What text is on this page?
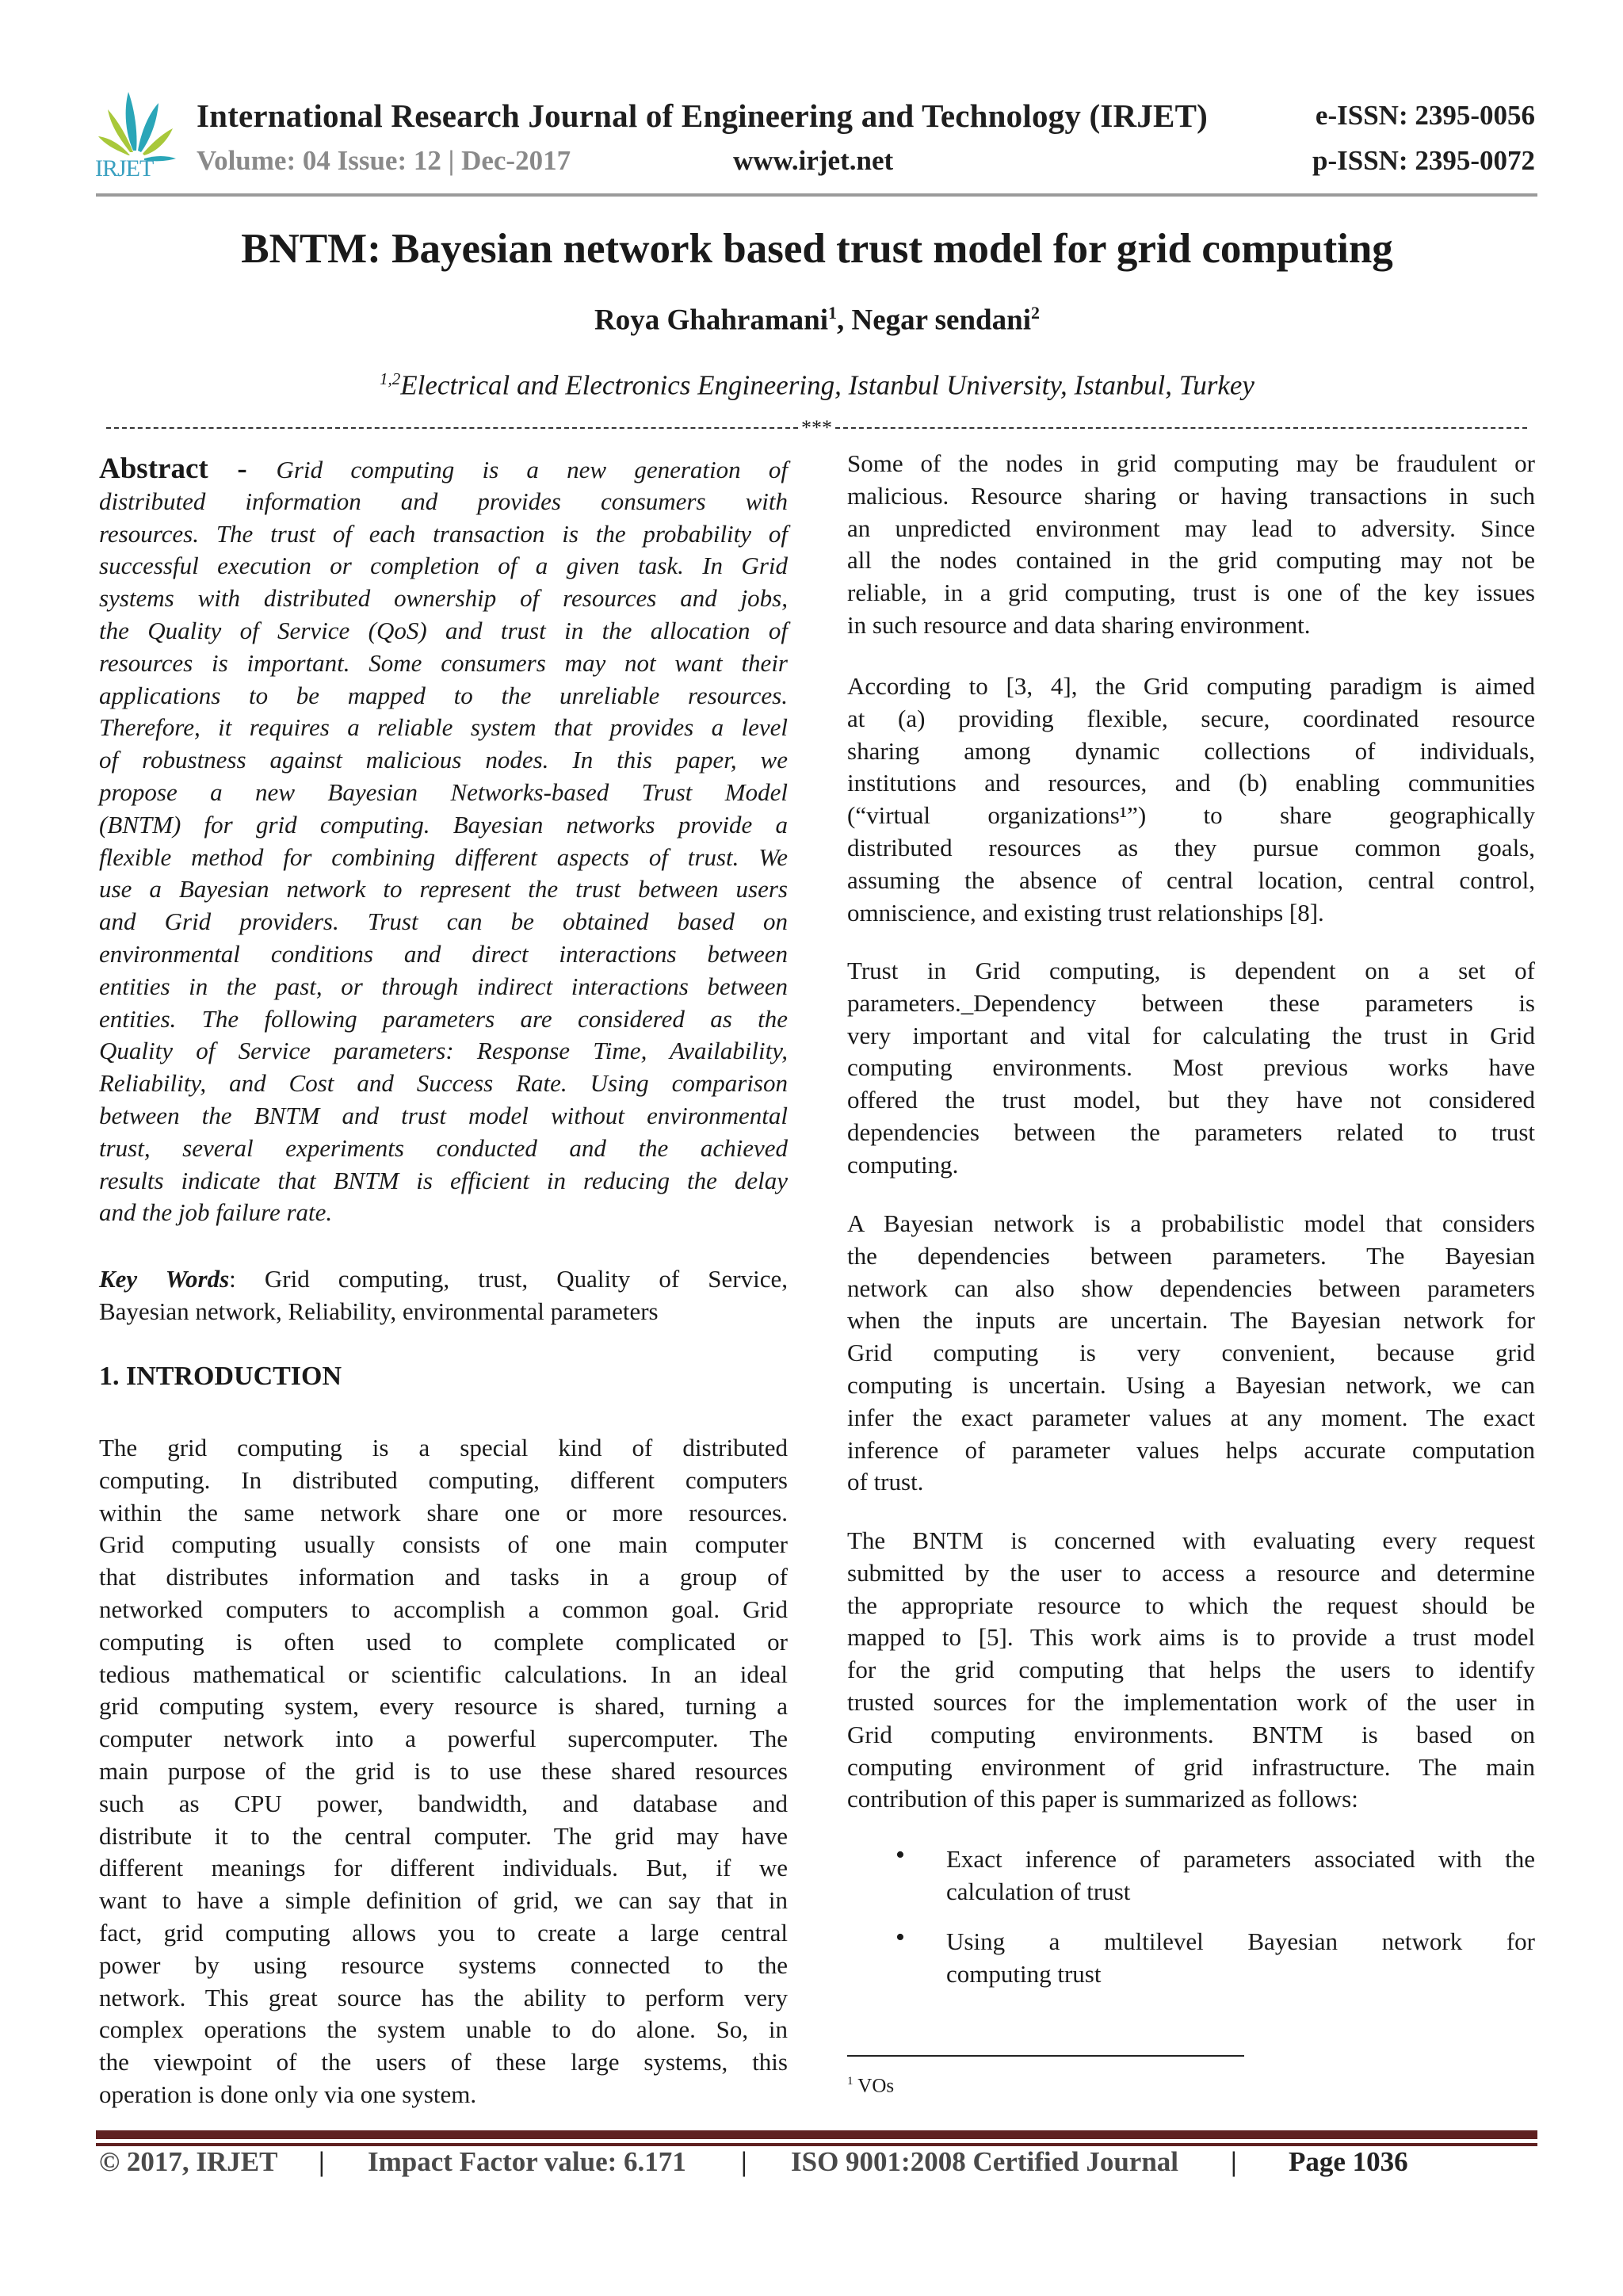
IRJET
International Research Journal of Engineering and Technology (IRJET)	e-ISSN: 2395-0056
Volume: 04 Issue: 12 | Dec-2017	www.irjet.net	p-ISSN: 2395-0072
BNTM: Bayesian network based trust model for grid computing
Roya Ghahramani$^1$, Negar sendani$^2$
$^{1,2}$Electrical and Electronics Engineering, Istanbul University, Istanbul, Turkey
***
Abstract - Grid computing is a new generation of
distributed information and provides consumers with
resources. The trust of each transaction is the probability of
successful execution or completion of a given task. In Grid
systems with distributed ownership of resources and jobs,
the Quality of Service (QoS) and trust in the allocation of
resources is important. Some consumers may not want their
applications to be mapped to the unreliable resources.
Therefore, it requires a reliable system that provides a level
of robustness against malicious nodes. In this paper, we
propose a new Bayesian Networks-based Trust Model
(BNTM) for grid computing. Bayesian networks provide a
flexible method for combining different aspects of trust. We
use a Bayesian network to represent the trust between users
and Grid providers. Trust can be obtained based on
environmental conditions and direct interactions between
entities in the past, or through indirect interactions between
entities. The following parameters are considered as the
Quality of Service parameters: Response Time, Availability,
Reliability, and Cost and Success Rate. Using comparison
between the BNTM and trust model without environmental
trust, several experiments conducted and the achieved
results indicate that BNTM is efficient in reducing the delay
and the job failure rate.
Key Words: Grid computing, trust, Quality of Service,
Bayesian network, Reliability, environmental parameters
1. INTRODUCTION
The grid computing is a special kind of distributed
computing. In distributed computing, different computers
within the same network share one or more resources.
Grid computing usually consists of one main computer
that distributes information and tasks in a group of
networked computers to accomplish a common goal. Grid
computing is often used to complete complicated or
tedious mathematical or scientific calculations. In an ideal
grid computing system, every resource is shared, turning a
computer network into a powerful supercomputer. The
main purpose of the grid is to use these shared resources
such as CPU power, bandwidth, and database and
distribute it to the central computer. The grid may have
different meanings for different individuals. But, if we
want to have a simple definition of grid, we can say that in
fact, grid computing allows you to create a large central
power by using resource systems connected to the
network. This great source has the ability to perform very
complex operations the system unable to do alone. So, in
the viewpoint of the users of these large systems, this
operation is done only via one system.
Some of the nodes in grid computing may be fraudulent or
malicious. Resource sharing or having transactions in such
an unpredicted environment may lead to adversity. Since
all the nodes contained in the grid computing may not be
reliable, in a grid computing, trust is one of the key issues
in such resource and data sharing environment.
According to [3, 4], the Grid computing paradigm is aimed
at (a) providing flexible, secure, coordinated resource
sharing among dynamic collections of individuals,
institutions and resources, and (b) enabling communities
(“virtual organizations¹”) to share geographically
distributed resources as they pursue common goals,
assuming the absence of central location, central control,
omniscience, and existing trust relationships [8].
Trust in Grid computing, is dependent on a set of
parameters._Dependency between these parameters is
very important and vital for calculating the trust in Grid
computing environments. Most previous works have
offered the trust model, but they have not considered
dependencies between the parameters related to trust
computing.
A Bayesian network is a probabilistic model that considers
the dependencies between parameters. The Bayesian
network can also show dependencies between parameters
when the inputs are uncertain. The Bayesian network for
Grid computing is very convenient, because grid
computing is uncertain. Using a Bayesian network, we can
infer the exact parameter values at any moment. The exact
inference of parameter values helps accurate computation
of trust.
The BNTM is concerned with evaluating every request
submitted by the user to access a resource and determine
the appropriate resource to which the request should be
mapped to [5]. This work aims is to provide a trust model
for the grid computing that helps the users to identify
trusted sources for the implementation work of the user in
Grid computing environments. BNTM is based on
computing environment of grid infrastructure. The main
contribution of this paper is summarized as follows:
• Exact inference of parameters associated with the
calculation of trust
• Using a multilevel Bayesian network for
computing trust
$^1$ VOs
© 2017, IRJET | Impact Factor value: 6.171 | ISO 9001:2008 Certified Journal | Page 1036
